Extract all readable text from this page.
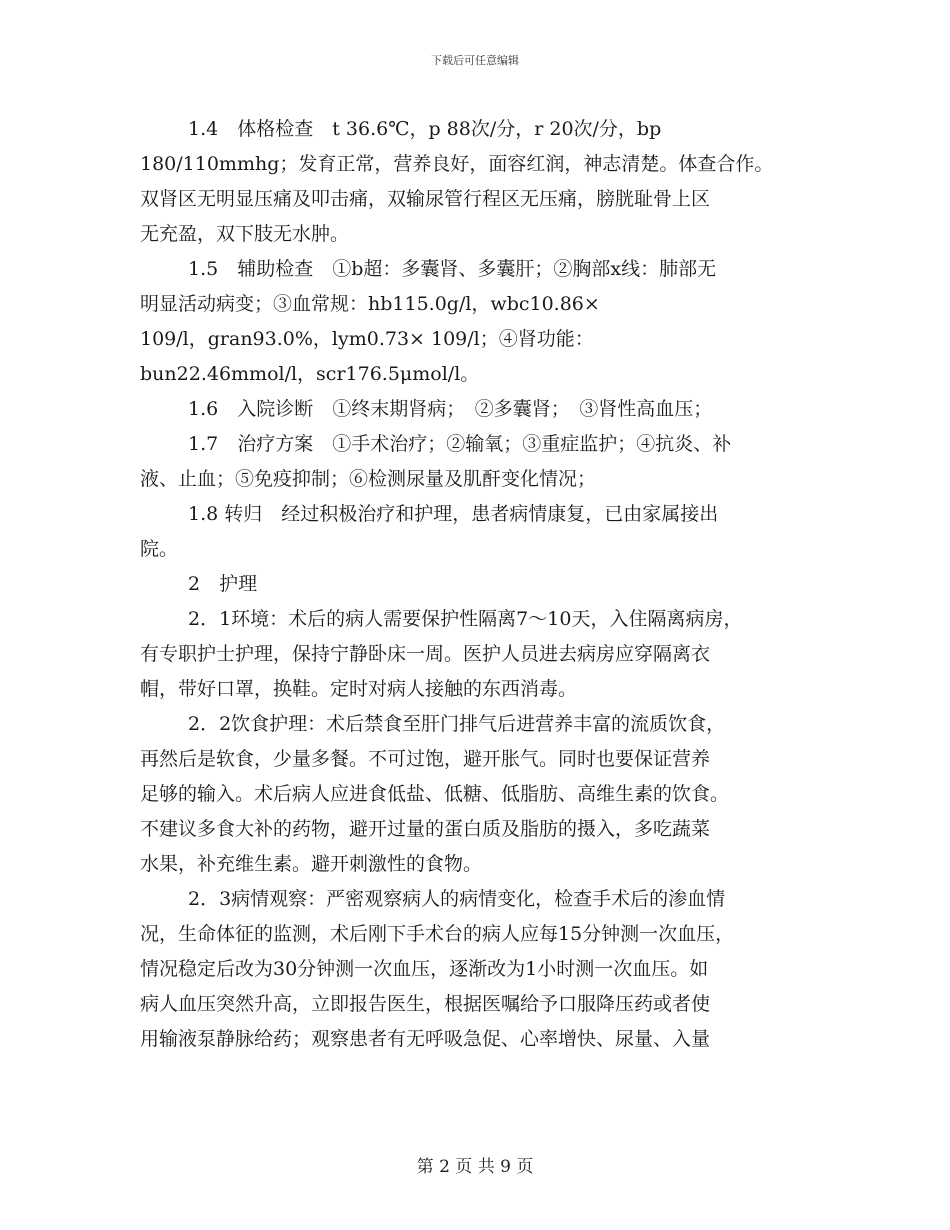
下载后可任意编辑
1.4　体格检查　t 36.6℃，p 88次/分，r 20次/分，bp
180/110mmhg；发育正常，营养良好，面容红润，神志清楚。体查合作。
双肾区无明显压痛及叩击痛，双输尿管行程区无压痛，膀胱耻骨上区
无充盈，双下肢无水肿。
1.5　辅助检查　①b超：多囊肾、多囊肝；②胸部x线：肺部无
明显活动病变；③血常规：hb115.0g/l，wbc10.86×
109/l，gran93.0%，lym0.73× 109/l；④肾功能：
bun22.46mmol/l，scr176.5μmol/l。
1.6　入院诊断　①终末期肾病；　②多囊肾；　③肾性高血压；
1.7　治疗方案　①手术治疗；②输氧；③重症监护；④抗炎、补
液、止血；⑤免疫抑制；⑥检测尿量及肌酐变化情况；
1.8 转归　经过积极治疗和护理，患者病情康复，已由家属接出
院。
2　护理
2．1环境：术后的病人需要保护性隔离7～10天，入住隔离病房，
有专职护士护理，保持宁静卧床一周。医护人员进去病房应穿隔离衣
帽，带好口罩，换鞋。定时对病人接触的东西消毒。
2．2饮食护理：术后禁食至肝门排气后进营养丰富的流质饮食，
再然后是软食，少量多餐。不可过饱，避开胀气。同时也要保证营养
足够的输入。术后病人应进食低盐、低糖、低脂肪、高维生素的饮食。
不建议多食大补的药物，避开过量的蛋白质及脂肪的摄入，多吃蔬菜
水果，补充维生素。避开刺激性的食物。
2．3病情观察：严密观察病人的病情变化，检查手术后的渗血情
况，生命体征的监测，术后刚下手术台的病人应每15分钟测一次血压，
情况稳定后改为30分钟测一次血压，逐渐改为1小时测一次血压。如
病人血压突然升高，立即报告医生，根据医嘱给予口服降压药或者使
用输液泵静脉给药；观察患者有无呼吸急促、心率增快、尿量、入量
第 2 页 共 9 页
